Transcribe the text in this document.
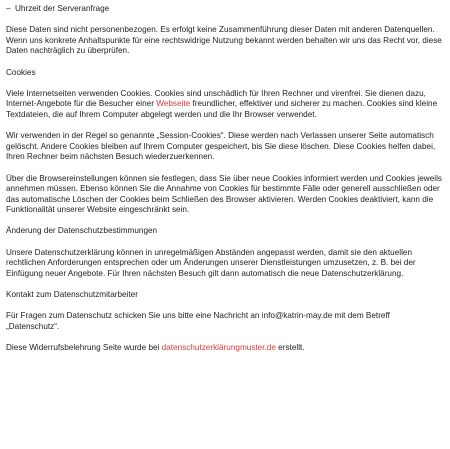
– Uhrzeit der Serveranfrage

Diese Daten sind nicht personenbezogen. Es erfolgt keine Zusammenführung dieser Daten mit anderen Datenquellen. Wenn uns konkrete Anhaltspunkte für eine rechtswidrige Nutzung bekannt werden behalten wir uns das Recht vor, diese Daten nachträglich zu überprüfen.

Cookies

Viele Internetseiten verwenden Cookies. Cookies sind unschädlich für Ihren Rechner und virenfrei. Sie dienen dazu, Internet-Angebote für die Besucher einer Webseite freundlicher, effektiver und sicherer zu machen. Cookies sind kleine Textdateien, die auf Ihrem Computer abgelegt werden und die Ihr Browser verwendet.

Wir verwenden in der Regel so genannte „Session-Cookies“. Diese werden nach Verlassen unserer Seite automatisch gelöscht. Andere Cookies bleiben auf Ihrem Computer gespeichert, bis Sie diese löschen. Diese Cookies helfen dabei, Ihren Rechner beim nächsten Besuch wiederzuerkennen.

Über die Browsereinstellungen können sie festlegen, dass Sie über neue Cookies informiert werden und Cookies jeweils annehmen müssen. Ebenso können Sie die Annahme von Cookies für bestimmte Fälle oder generell ausschließen oder das automatische Löschen der Cookies beim Schließen des Browser aktivieren. Werden Cookies deaktiviert, kann die Funktionalität unserer Website eingeschränkt sein.

Änderung der Datenschutzbestimmungen

Unsere Datenschutzerklärung können in unregelmäßigen Abständen angepasst werden, damit sie den aktuellen rechtlichen Anforderungen entsprechen oder um Änderungen unserer Dienstleistungen umzusetzen, z. B. bei der Einfügung neuer Angebote. Für Ihren nächsten Besuch gilt dann automatisch die neue Datenschutzerklärung.

Kontakt zum Datenschutzmitarbeiter

Für Fragen zum Datenschutz schicken Sie uns bitte eine Nachricht an info@katrin-may.de mit dem Betreff „Datenschutz“.

Diese Widerrufsbelehrung Seite wurde bei datenschutzerklärungmuster.de erstellt.
